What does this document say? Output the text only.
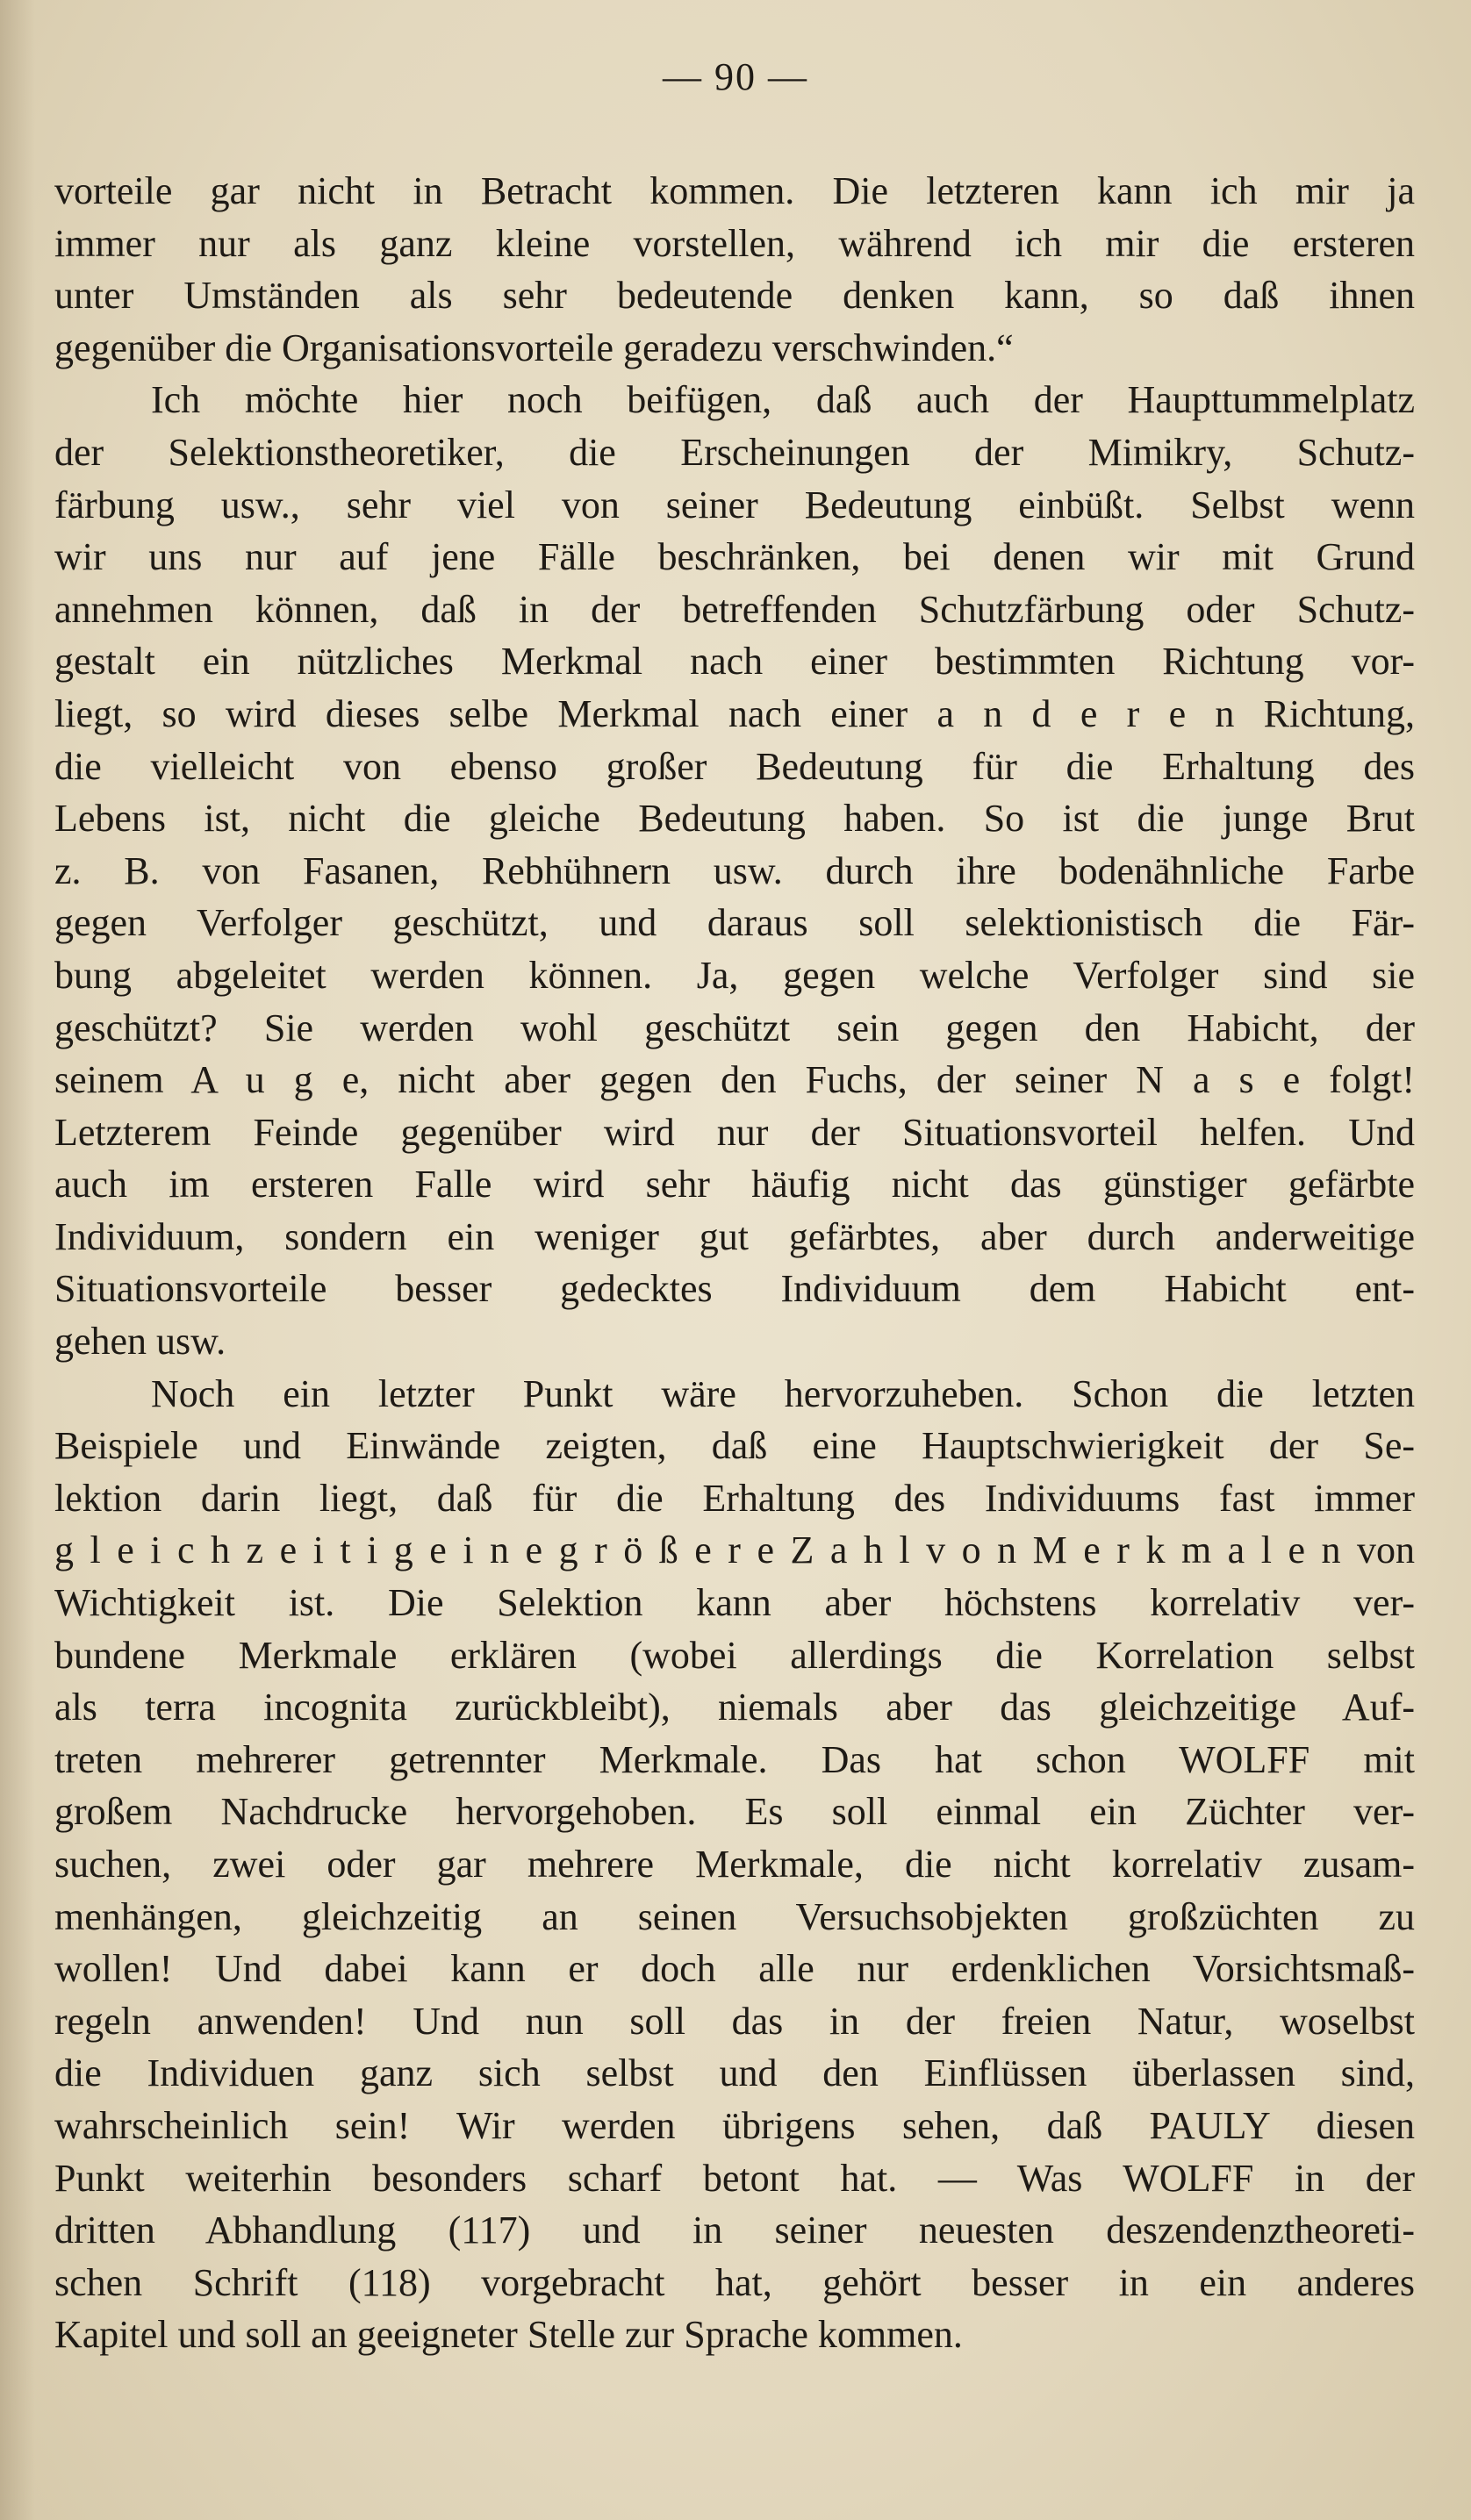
— 90 —
vorteile gar nicht in Betracht kommen. Die letzteren kann ich mir ja
immer nur als ganz kleine vorstellen, während ich mir die ersteren
unter Umständen als sehr bedeutende denken kann, so daß ihnen
gegenüber die Organisationsvorteile geradezu verschwinden.“
Ich möchte hier noch beifügen, daß auch der Haupttummelplatz
der Selektionstheoretiker, die Erscheinungen der Mimikry, Schutz-
färbung usw., sehr viel von seiner Bedeutung einbüßt. Selbst wenn
wir uns nur auf jene Fälle beschränken, bei denen wir mit Grund
annehmen können, daß in der betreffenden Schutzfärbung oder Schutz-
gestalt ein nützliches Merkmal nach einer bestimmten Richtung vor-
liegt, so wird dieses selbe Merkmal nach einer a n d e r e n Richtung,
die vielleicht von ebenso großer Bedeutung für die Erhaltung des
Lebens ist, nicht die gleiche Bedeutung haben. So ist die junge Brut
z. B. von Fasanen, Rebhühnern usw. durch ihre bodenähnliche Farbe
gegen Verfolger geschützt, und daraus soll selektionistisch die Fär-
bung abgeleitet werden können. Ja, gegen welche Verfolger sind sie
geschützt? Sie werden wohl geschützt sein gegen den Habicht, der
seinem A u g e, nicht aber gegen den Fuchs, der seiner N a s e folgt!
Letzterem Feinde gegenüber wird nur der Situationsvorteil helfen. Und
auch im ersteren Falle wird sehr häufig nicht das günstiger gefärbte
Individuum, sondern ein weniger gut gefärbtes, aber durch anderweitige
Situationsvorteile besser gedecktes Individuum dem Habicht ent-
gehen usw.
Noch ein letzter Punkt wäre hervorzuheben. Schon die letzten
Beispiele und Einwände zeigten, daß eine Hauptschwierigkeit der Se-
lektion darin liegt, daß für die Erhaltung des Individuums fast immer
g l e i c h z e i t i g e i n e g r ö ß e r e Z a h l v o n M e r k m a l e n von
Wichtigkeit ist. Die Selektion kann aber höchstens korrelativ ver-
bundene Merkmale erklären (wobei allerdings die Korrelation selbst
als terra incognita zurückbleibt), niemals aber das gleichzeitige Auf-
treten mehrerer getrennter Merkmale. Das hat schon WOLFF mit
großem Nachdrucke hervorgehoben. Es soll einmal ein Züchter ver-
suchen, zwei oder gar mehrere Merkmale, die nicht korrelativ zusam-
menhängen, gleichzeitig an seinen Versuchsobjekten großzüchten zu
wollen! Und dabei kann er doch alle nur erdenklichen Vorsichtsmaß-
regeln anwenden! Und nun soll das in der freien Natur, woselbst
die Individuen ganz sich selbst und den Einflüssen überlassen sind,
wahrscheinlich sein! Wir werden übrigens sehen, daß PAULY diesen
Punkt weiterhin besonders scharf betont hat. — Was WOLFF in der
dritten Abhandlung (117) und in seiner neuesten deszendenztheoreti-
schen Schrift (118) vorgebracht hat, gehört besser in ein anderes
Kapitel und soll an geeigneter Stelle zur Sprache kommen.
